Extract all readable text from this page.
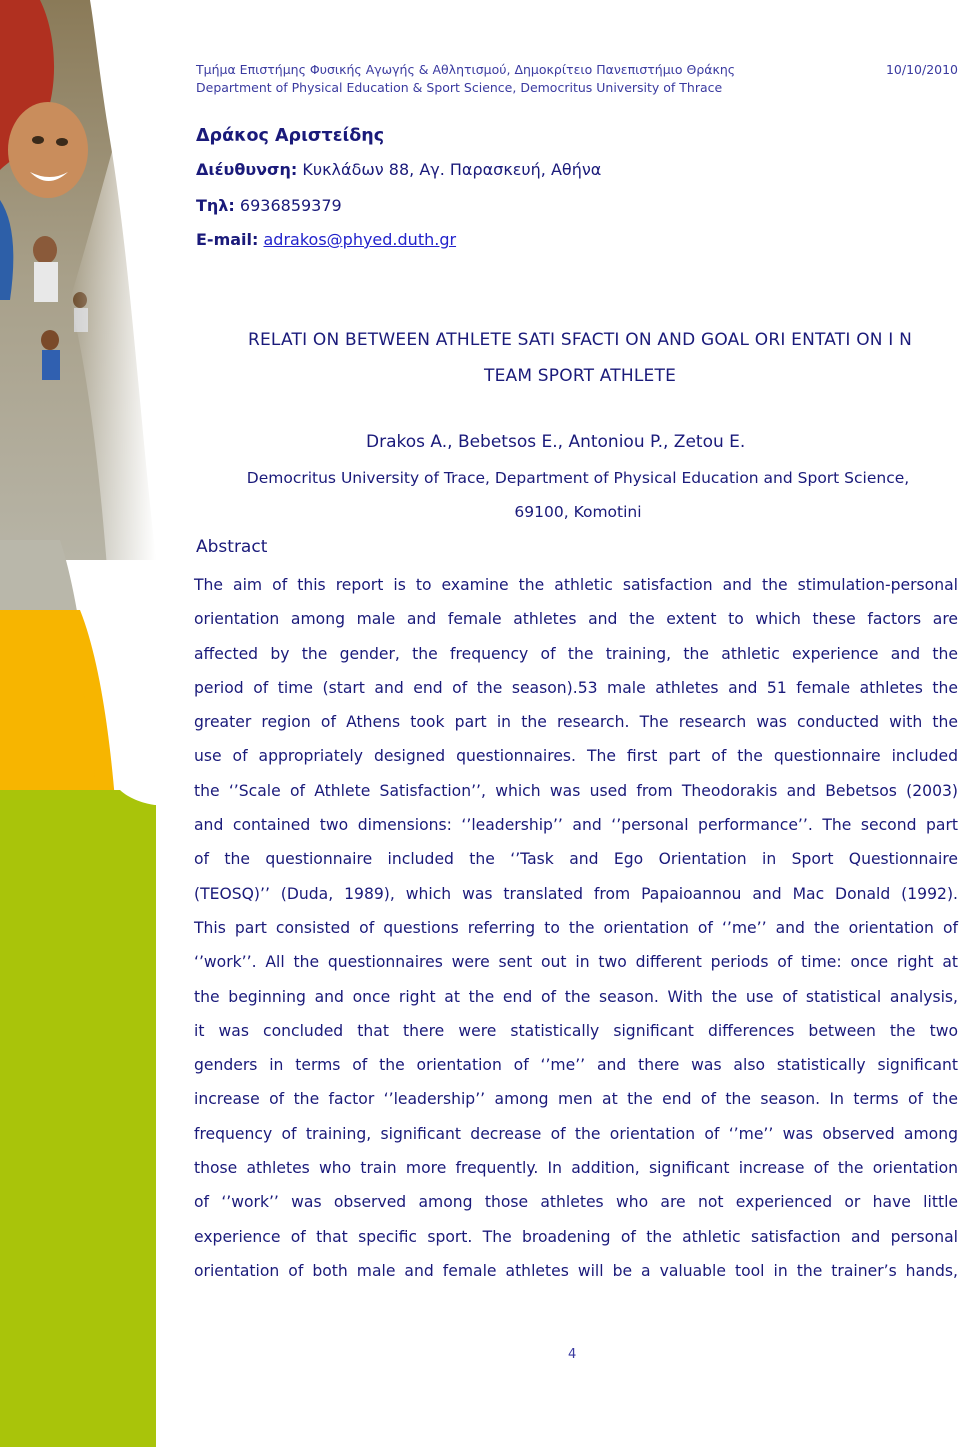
Τμήμα Επιστήμης Φυσικής Αγωγής & Αθλητισμού, Δημοκρίτειο Πανεπιστήμιο Θράκης
Department of Physical Education & Sport Science, Democritus University of Thrace
10/10/2010
Δράκος Αριστείδης
Διέυθυνση: Κυκλάδων 88, Αγ. Παρασκευή, Αθήνα
Τηλ: 6936859379
E-mail: adrakos@phyed.duth.gr
RELATI ON BETWEEN ATHLETE SATI SFACTI ON AND GOAL ORI ENTATI ON I N
TEAM SPORT ATHLETE
Drakos A., Bebetsos E., Antoniou P., Zetou E.
Democritus University of Trace, Department of Physical Education and Sport Science,
69100, Komotini
Abstract
The aim of this report is to examine the athletic satisfaction and the stimulation-personal
orientation among male and female athletes and the extent to which these factors are
affected by the gender, the frequency of the training, the athletic experience and the
period of time (start and end of the season).53 male athletes and 51 female athletes the
greater region of Athens took part in the research. The research was conducted with the
use of appropriately designed questionnaires. The first part of the questionnaire included
the ‘’Scale of Athlete Satisfaction’’, which was used from Theodorakis and Bebetsos (2003)
and contained two dimensions: ‘’leadership’’ and ‘’personal performance’’. The second part
of the questionnaire included the ‘’Task and Ego Orientation in Sport Questionnaire
(TEOSQ)’’ (Duda, 1989), which was translated from Papaioannou and Mac Donald (1992).
This part consisted of questions referring to the orientation of ‘’me’’ and the orientation of
‘’work’’. All the questionnaires were sent out in two different periods of time: once right at
the beginning and once right at the end of the season. With the use of statistical analysis,
it was concluded that there were statistically significant differences between the two
genders in terms of the orientation of ‘’me’’ and there was also statistically significant
increase of the factor ‘’leadership’’ among men at the end of the season. In terms of the
frequency of training, significant decrease of the orientation of ‘’me’’ was observed among
those athletes who train more frequently. In addition, significant increase of the orientation
of ‘’work’’ was observed among those athletes who are not experienced or have little
experience of that specific sport. The broadening of the athletic satisfaction and personal
orientation of both male and female athletes will be a valuable tool in the trainer’s hands,
4
